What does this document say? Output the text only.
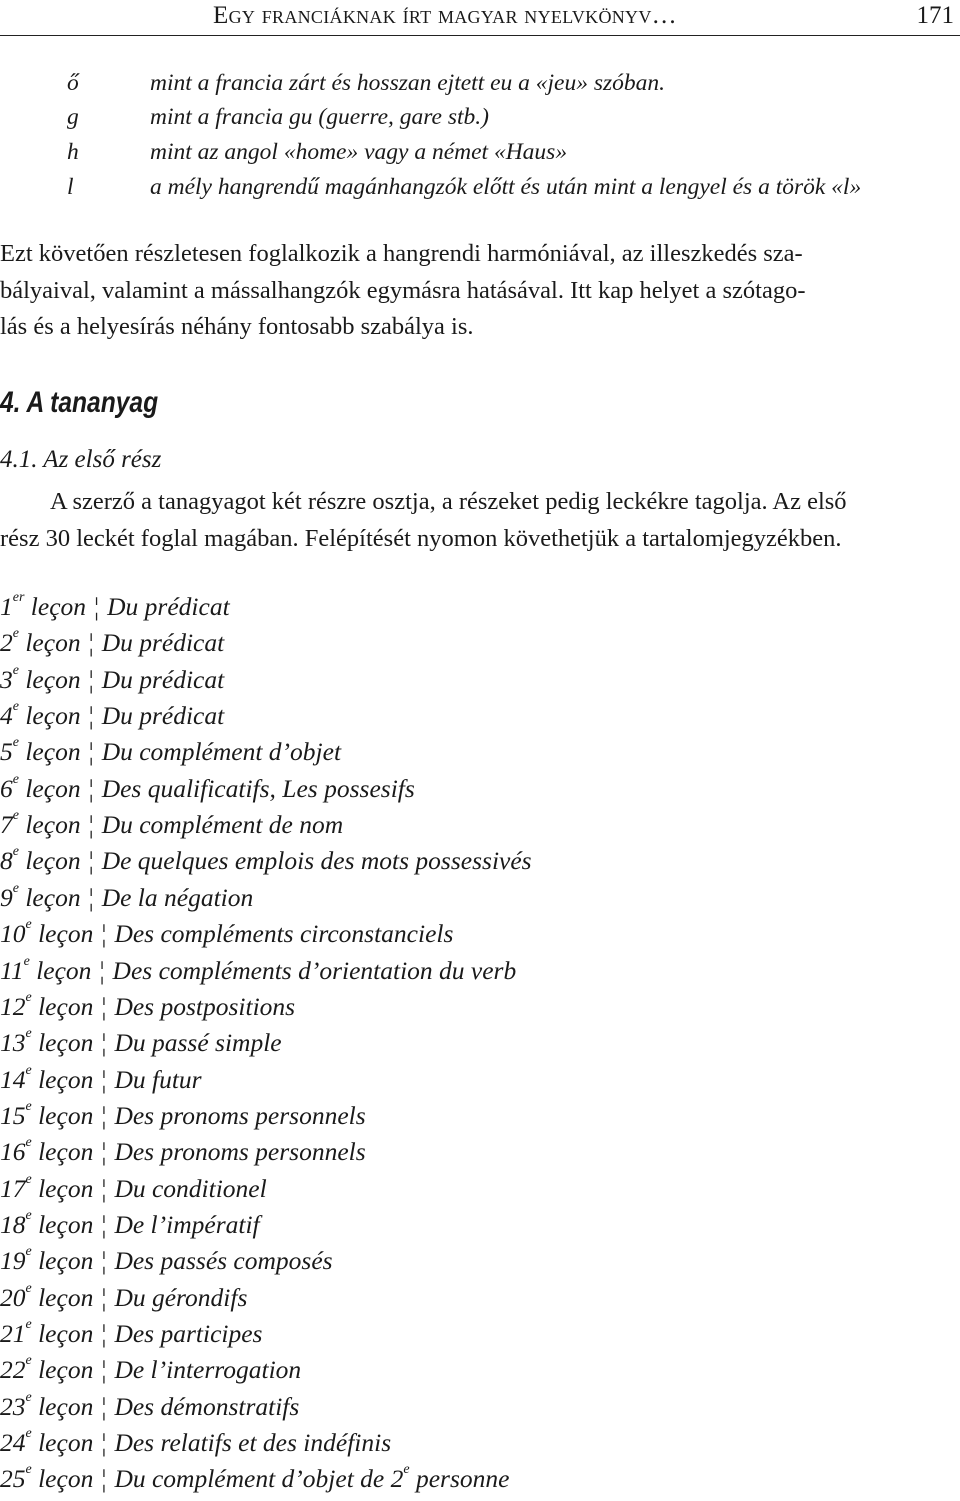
Egy franciáknak írt magyar nyelvkönyv…	171
ő	mint a francia zárt és hosszan ejtett eu a «jeu» szóban.
g	mint a francia gu (guerre, gare stb.)
h	mint az angol «home» vagy a német «Haus»
l	a mély hangrendű magánhangzók előtt és után mint a lengyel és a török «l»
Ezt követően részletesen foglalkozik a hangrendi harmóniával, az illeszkedés sza-
bályaival, valamint a mássalhangzók egymásra hatásával. Itt kap helyet a szótago-
lás és a helyesírás néhány fontosabb szabálya is.
4. A tananyag
4.1. Az első rész
A szerző a tanagyagot két részre osztja, a részeket pedig leckékre tagolja. Az első
rész 30 leckét foglal magában. Felépítését nyomon követhetjük a tartalomjegyzékben.
1er leçon ¦ Du prédicat
2e leçon ¦ Du prédicat
3e leçon ¦ Du prédicat
4e leçon ¦ Du prédicat
5e leçon ¦ Du complément d’objet
6e leçon ¦ Des qualificatifs, Les possesifs
7e leçon ¦ Du complément de nom
8e leçon ¦ De quelques emplois des mots possessivés
9e leçon ¦ De la négation
10e leçon ¦ Des compléments circonstanciels
11e leçon ¦ Des compléments d’orientation du verb
12e leçon ¦ Des postpositions
13e leçon ¦ Du passé simple
14e leçon ¦ Du futur
15e leçon ¦ Des pronoms personnels
16e leçon ¦ Des pronoms personnels
17e leçon ¦ Du conditionel
18e leçon ¦ De l’impératif
19e leçon ¦ Des passés composés
20e leçon ¦ Du gérondifs
21e leçon ¦ Des participes
22e leçon ¦ De l’interrogation
23e leçon ¦ Des démonstratifs
24e leçon ¦ Des relatifs et des indéfinis
25e leçon ¦ Du complément d’objet de 2e personne
